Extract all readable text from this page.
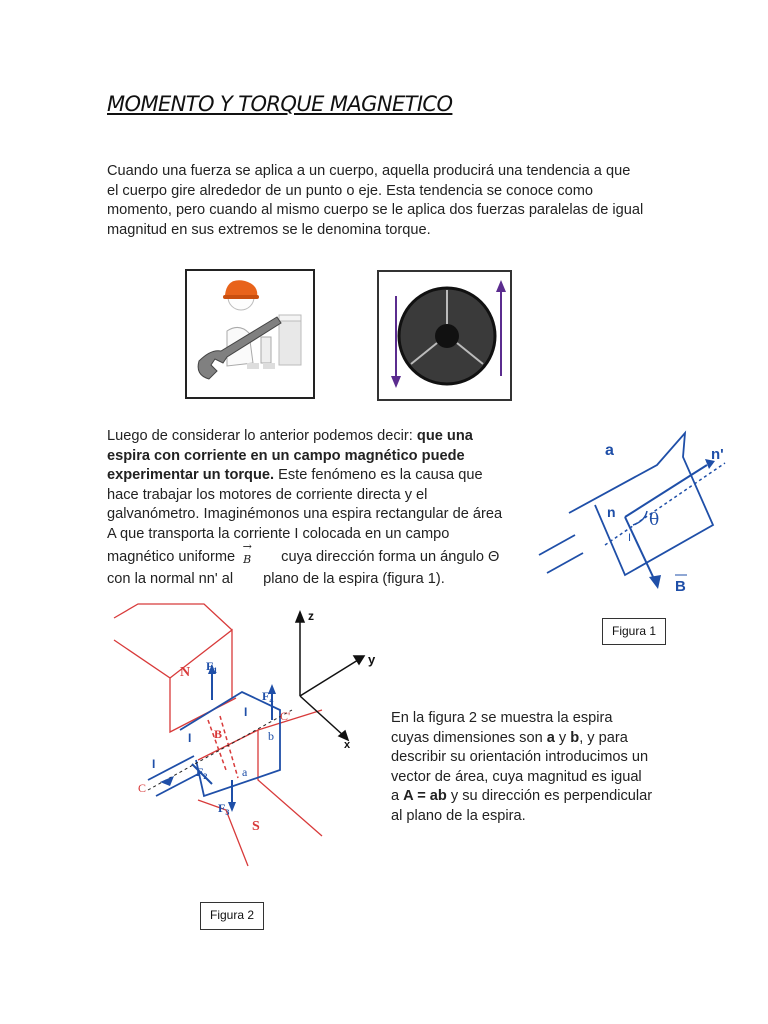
MOMENTO Y TORQUE MAGNETICO
Cuando una fuerza se aplica a un cuerpo, aquella producirá una tendencia a que
el cuerpo gire alrededor de un punto o eje. Esta tendencia se conoce como
momento, pero cuando al mismo cuerpo se le aplica dos fuerzas paralelas de igual
magnitud en sus extremos se le denomina torque.
Luego de considerar lo anterior podemos decir: que una
espira con corriente en un campo magnético puede
experimentar un torque. Este fenómeno es la causa que
hace trabajar los motores de corriente directa y el
galvanómetro. Imaginémonos una espira rectangular de área
A que transporta la corriente I colocada en un campo
magnético uniforme
→
B cuya dirección forma un ángulo Θ
con la normal nn' al plano de la espira (figura 1).
a	n'
n θ
I
B
Figura 1
N
S
$F_1$
$F_4$
$F_2$
$F_3$
B
I
I
I
b
a
C
C'
z
y
x
En la figura 2 se muestra la espira
cuyas dimensiones son a y b, y para
describir su orientación introducimos un
vector de área, cuya magnitud es igual
a A = ab y su dirección es perpendicular
al plano de la espira.
Figura 2
